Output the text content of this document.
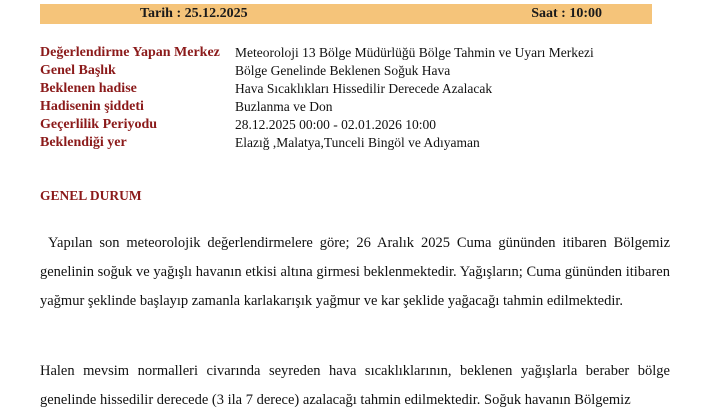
Tarih : 25.12.2025	Saat : 10:00
Değerlendirme Yapan Merkez	Meteoroloji 13 Bölge Müdürlüğü Bölge Tahmin ve Uyarı Merkezi
Genel Başlık	Bölge Genelinde Beklenen Soğuk Hava
Beklenen hadise	Hava Sıcaklıkları Hissedilir Derecede Azalacak
Hadisenin şiddeti	Buzlanma ve Don
Geçerlilik Periyodu	28.12.2025 00:00 - 02.01.2026 10:00
Beklendiği yer	Elazığ ,Malatya,Tunceli Bingöl ve Adıyaman
GENEL DURUM

Yapılan son meteorolojik değerlendirmelere göre; 26 Aralık 2025 Cuma gününden itibaren Bölgemiz genelinin soğuk ve yağışlı havanın etkisi altına girmesi beklenmektedir. Yağışların; Cuma gününden itibaren yağmur şeklinde başlayıp zamanla karlakarışık yağmur ve kar şeklide yağacağı tahmin edilmektedir.

Halen mevsim normalleri civarında seyreden hava sıcaklıklarının, beklenen yağışlarla beraber bölge genelinde hissedilir derecede (3 ila 7 derece) azalacağı tahmin edilmektedir. Soğuk havanın Bölgemiz
